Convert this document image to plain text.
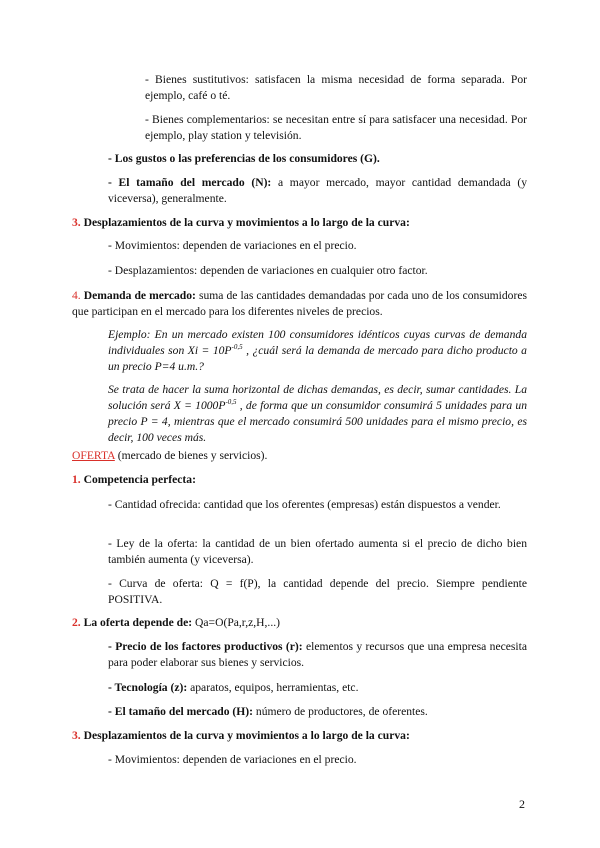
- Bienes sustitutivos: satisfacen la misma necesidad de forma separada. Por ejemplo, café o té.

- Bienes complementarios: se necesitan entre sí para satisfacer una necesidad. Por ejemplo, play station y televisión.

- Los gustos o las preferencias de los consumidores (G).

- El tamaño del mercado (N): a mayor mercado, mayor cantidad demandada (y viceversa), generalmente.

3. Desplazamientos de la curva y movimientos a lo largo de la curva:

- Movimientos: dependen de variaciones en el precio.

- Desplazamientos: dependen de variaciones en cualquier otro factor.

4. Demanda de mercado: suma de las cantidades demandadas por cada uno de los consumidores que participan en el mercado para los diferentes niveles de precios.

Ejemplo: En un mercado existen 100 consumidores idénticos cuyas curvas de demanda individuales son $Xi = 10P^{-0,5}$ , ¿cuál será la demanda de mercado para dicho producto a un precio P=4 u.m.?

Se trata de hacer la suma horizontal de dichas demandas, es decir, sumar cantidades. La solución será $X = 1000P^{-0,5}$ , de forma que un consumidor consumirá 5 unidades para un precio P = 4, mientras que el mercado consumirá 500 unidades para el mismo precio, es decir, 100 veces más.

OFERTA (mercado de bienes y servicios).

1. Competencia perfecta:

- Cantidad ofrecida: cantidad que los oferentes (empresas) están dispuestos a vender.

- Ley de la oferta: la cantidad de un bien ofertado aumenta si el precio de dicho bien también aumenta (y viceversa).

- Curva de oferta: Q = f(P), la cantidad depende del precio. Siempre pendiente POSITIVA.

2. La oferta depende de: Qa=O(Pa,r,z,H,...)

- Precio de los factores productivos (r): elementos y recursos que una empresa necesita para poder elaborar sus bienes y servicios.

- Tecnología (z): aparatos, equipos, herramientas, etc.

- El tamaño del mercado (H): número de productores, de oferentes.

3. Desplazamientos de la curva y movimientos a lo largo de la curva:

- Movimientos: dependen de variaciones en el precio.

2
